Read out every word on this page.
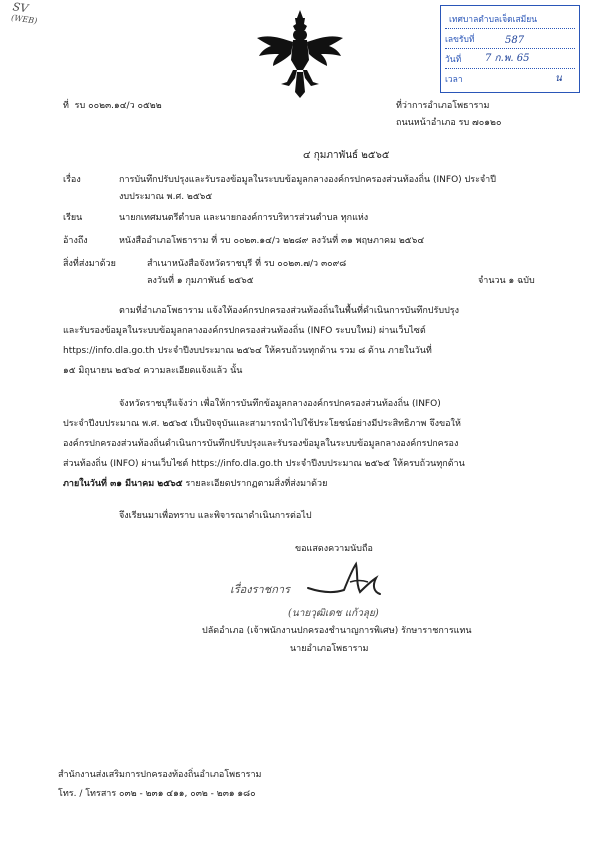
SV
(WEB)	เทศบาลตำบลเจ็ดเสมียน
เลขรับที่	587
วันที่ 7 ก.พ. 65
เวลา	น
ที่ รบ ๐๐๒๓.๑๔/ว ๐๕๒๒	ที่ว่าการอำเภอโพธาราม
ถนนหน้าอำเภอ รบ ๗๐๑๒๐
๔ กุมภาพันธ์ ๒๕๖๕
เรื่อง	การบันทึกปรับปรุงและรับรองข้อมูลในระบบข้อมูลกลางองค์กรปกครองส่วนท้องถิ่น (INFO) ประจำปี
งบประมาณ พ.ศ. ๒๕๖๕
เรียน	นายกเทศมนตรีตำบล และนายกองค์การบริหารส่วนตำบล ทุกแห่ง
อ้างถึง	หนังสืออำเภอโพธาราม ที่ รบ ๐๐๒๓.๑๔/ว ๒๒๘๙ ลงวันที่ ๓๑ พฤษภาคม ๒๕๖๔
สิ่งที่ส่งมาด้วย	สำเนาหนังสือจังหวัดราชบุรี ที่ รบ ๐๐๒๓.๗/ว ๓๐๙๘
ลงวันที่ ๑ กุมภาพันธ์ ๒๕๖๕	จำนวน ๑ ฉบับ
ตามที่อำเภอโพธาราม แจ้งให้องค์กรปกครองส่วนท้องถิ่นในพื้นที่ดำเนินการบันทึกปรับปรุง
และรับรองข้อมูลในระบบข้อมูลกลางองค์กรปกครองส่วนท้องถิ่น (INFO ระบบใหม่) ผ่านเว็บไซต์
https://info.dla.go.th ประจำปีงบประมาณ ๒๕๖๔ ให้ครบถ้วนทุกด้าน รวม ๘ ด้าน ภายในวันที่
๑๕ มิถุนายน ๒๕๖๔ ความละเอียดแจ้งแล้ว นั้น
จังหวัดราชบุรีแจ้งว่า เพื่อให้การบันทึกข้อมูลกลางองค์กรปกครองส่วนท้องถิ่น (INFO)
ประจำปีงบประมาณ พ.ศ. ๒๕๖๕ เป็นปัจจุบันและสามารถนำไปใช้ประโยชน์อย่างมีประสิทธิภาพ จึงขอให้
องค์กรปกครองส่วนท้องถิ่นดำเนินการบันทึกปรับปรุงและรับรองข้อมูลในระบบข้อมูลกลางองค์กรปกครอง
ส่วนท้องถิ่น (INFO) ผ่านเว็บไซต์ https://info.dla.go.th ประจำปีงบประมาณ ๒๕๖๕ ให้ครบถ้วนทุกด้าน
ภายในวันที่ ๓๑ มีนาคม ๒๕๖๕ รายละเอียดปรากฏตามสิ่งที่ส่งมาด้วย
จึงเรียนมาเพื่อทราบ และพิจารณาดำเนินการต่อไป
ขอแสดงความนับถือ
เรื่องราชการ
(นายวุฒิเดช แก้วลุย)
ปลัดอำเภอ (เจ้าพนักงานปกครองชำนาญการพิเศษ) รักษาราชการแทน
นายอำเภอโพธาราม
สำนักงานส่งเสริมการปกครองท้องถิ่นอำเภอโพธาราม
โทร. / โทรสาร ๐๓๒ - ๒๓๑ ๔๑๑, ๐๓๒ - ๒๓๑ ๑๘๐
